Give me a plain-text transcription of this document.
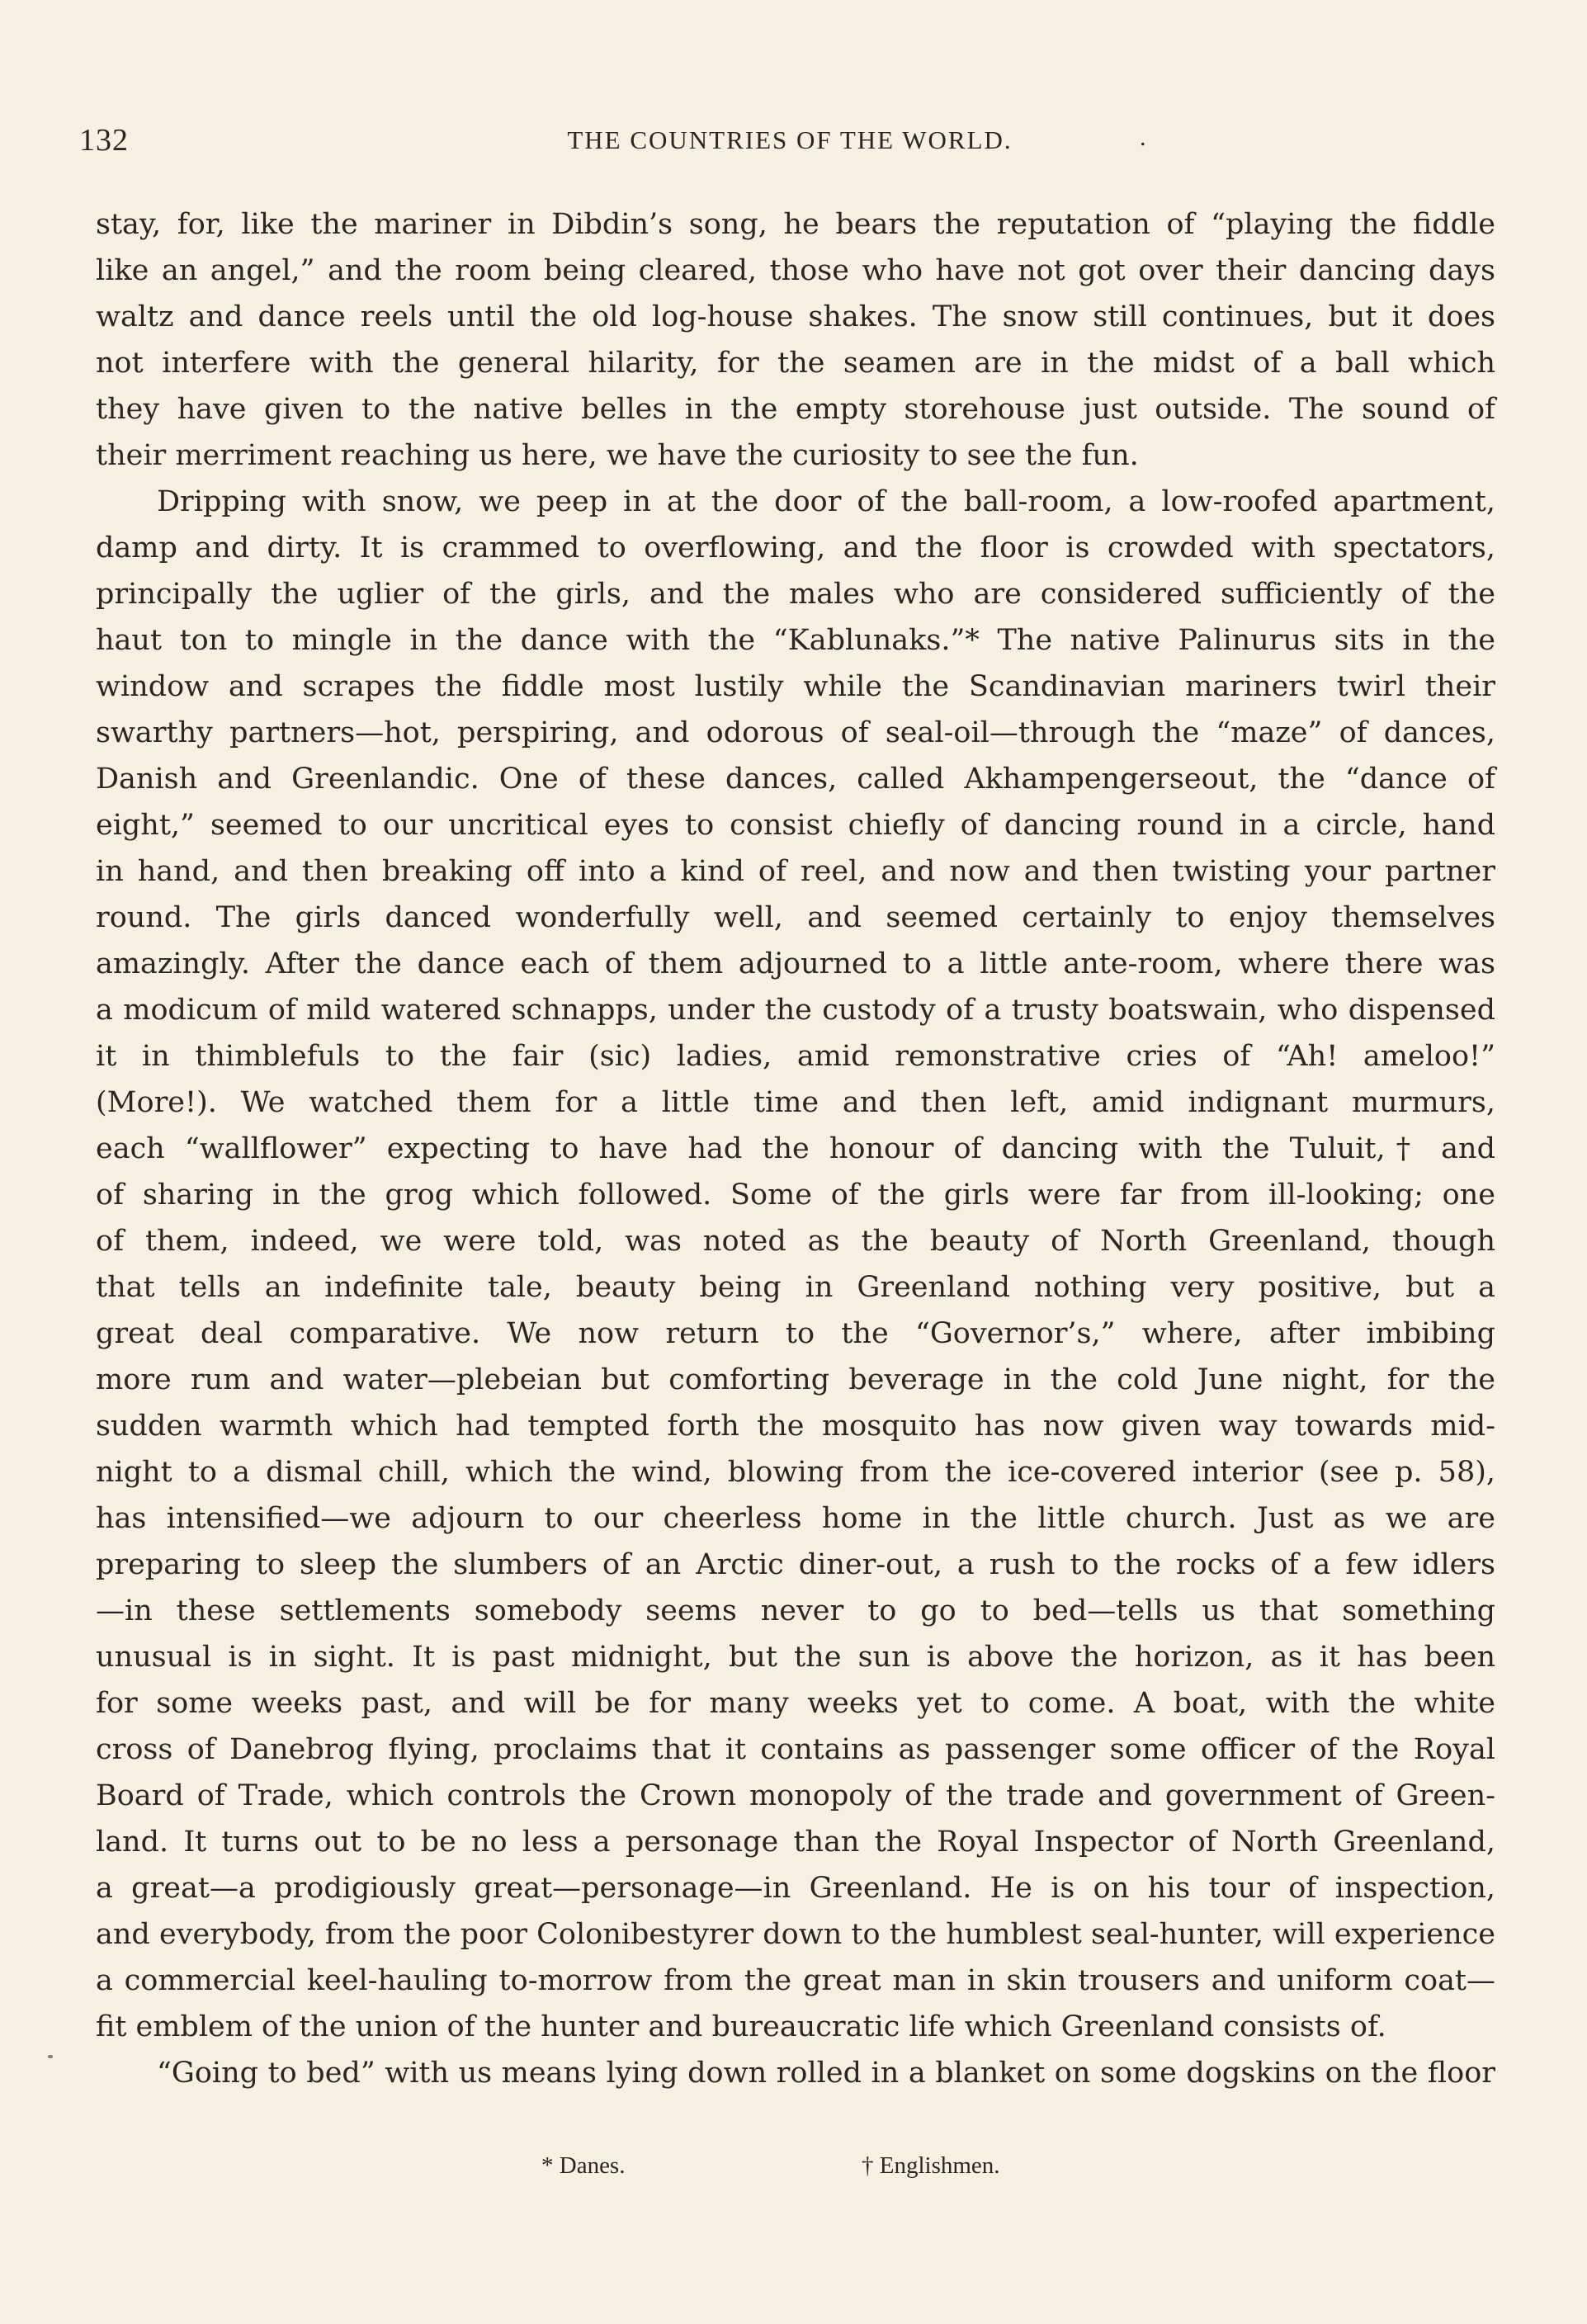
132	THE COUNTRIES OF THE WORLD.	.
stay, for, like the mariner in Dibdin’s song, he bears the reputation of “playing the fiddle
like an angel,” and the room being cleared, those who have not got over their dancing days
waltz and dance reels until the old log-house shakes. The snow still continues, but it does
not interfere with the general hilarity, for the seamen are in the midst of a ball which
they have given to the native belles in the empty storehouse just outside. The sound of
their merriment reaching us here, we have the curiosity to see the fun.
Dripping with snow, we peep in at the door of the ball-room, a low-roofed apartment,
damp and dirty. It is crammed to overflowing, and the floor is crowded with spectators,
principally the uglier of the girls, and the males who are considered sufficiently of the
haut ton to mingle in the dance with the “Kablunaks.”* The native Palinurus sits in the
window and scrapes the fiddle most lustily while the Scandinavian mariners twirl their
swarthy partners—hot, perspiring, and odorous of seal-oil—through the “maze” of dances,
Danish and Greenlandic. One of these dances, called Akhampengerseout, the “dance of
eight,” seemed to our uncritical eyes to consist chiefly of dancing round in a circle, hand
in hand, and then breaking off into a kind of reel, and now and then twisting your partner
round. The girls danced wonderfully well, and seemed certainly to enjoy themselves
amazingly. After the dance each of them adjourned to a little ante-room, where there was
a modicum of mild watered schnapps, under the custody of a trusty boatswain, who dispensed
it in thimblefuls to the fair (sic) ladies, amid remonstrative cries of “Ah! ameloo!”
(More!). We watched them for a little time and then left, amid indignant murmurs,
each “wallflower” expecting to have had the honour of dancing with the Tuluit,† and
of sharing in the grog which followed. Some of the girls were far from ill-looking; one
of them, indeed, we were told, was noted as the beauty of North Greenland, though
that tells an indefinite tale, beauty being in Greenland nothing very positive, but a
great deal comparative. We now return to the “Governor’s,” where, after imbibing
more rum and water—plebeian but comforting beverage in the cold June night, for the
sudden warmth which had tempted forth the mosquito has now given way towards mid-
night to a dismal chill, which the wind, blowing from the ice-covered interior (see p. 58),
has intensified—we adjourn to our cheerless home in the little church. Just as we are
preparing to sleep the slumbers of an Arctic diner-out, a rush to the rocks of a few idlers
—in these settlements somebody seems never to go to bed—tells us that something
unusual is in sight. It is past midnight, but the sun is above the horizon, as it has been
for some weeks past, and will be for many weeks yet to come. A boat, with the white
cross of Danebrog flying, proclaims that it contains as passenger some officer of the Royal
Board of Trade, which controls the Crown monopoly of the trade and government of Green-
land. It turns out to be no less a personage than the Royal Inspector of North Greenland,
a great—a prodigiously great—personage—in Greenland. He is on his tour of inspection,
and everybody, from the poor Colonibestyrer down to the humblest seal-hunter, will experience
a commercial keel-hauling to-morrow from the great man in skin trousers and uniform coat—
fit emblem of the union of the hunter and bureaucratic life which Greenland consists of.
“Going to bed” with us means lying down rolled in a blanket on some dogskins on the floor
* Danes.	† Englishmen.
